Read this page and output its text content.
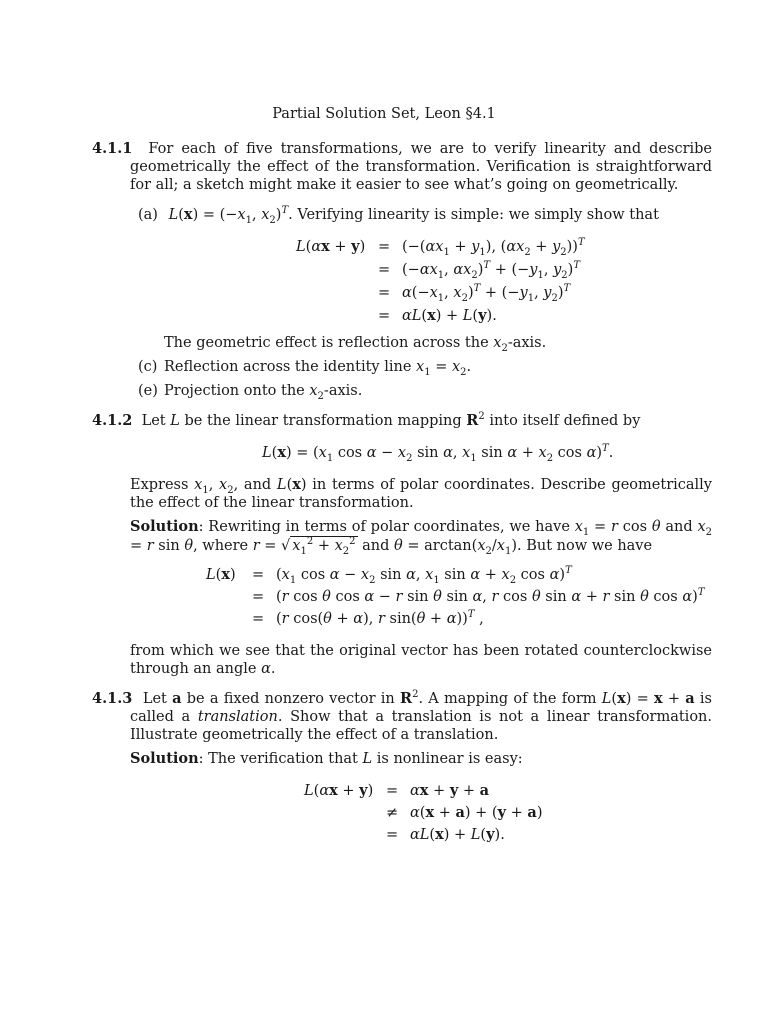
Partial Solution Set, Leon §4.1
4.1.1  For each of five transformations, we are to verify linearity and describe geometrically the effect of the transformation. Verification is straightforward for all; a sketch might make it easier to see what’s going on geometrically.
(a) $L(x) = (-x_1$, $x_2)^T$. Verifying linearity is simple: we simply show that
$L(\alpha x + y) = (-(\alpha x_1 + y_1)$, $(\alpha x_2 + y_2))^T$
= ($-\alpha x_1$, $\alpha x_2)^T + (-y_1$, $y_2)^T$
= $\alpha(-x_1$, $x_2)^T + (-y_1$, $y_2)^T$
= αL(x) + L(y).
The geometric effect is reflection across the $x_2$-axis.
(c) Reflection across the identity line $x_1 = x_2$.
(e) Projection onto the $x_2$-axis.
4.1.2  Let L be the linear transformation mapping $R^2$ into itself defined by
$L(x) = (x_1$ $\cos \alpha - x_2$ sin α, $x_1$ $\sin \alpha + x_2$ cos α)$^T$.
Express $x_1$, $x_2$, and L(x) in terms of polar coordinates. Describe geometrically the effect of the linear transformation.
Solution: Rewriting in terms of polar coordinates, we have $x_1 = r$ cos θ and $x_2 = r$ sin θ, where r = √ $x_1^2 + x_2^2$ and $\theta = \arctan(x_2/x_1)$. But now we have
$L(x) = (x_1$ $\cos \alpha - x_2$ sin α, $x_1$ $\sin \alpha + x_2$ cos α)$^T$
= (r cos θ cos α − r sin θ sin α, r cos θ sin α + r sin θ cos α)$^T$
= (r cos(θ + α), r sin(θ + α))$^T$ ,
from which we see that the original vector has been rotated counterclockwise through an angle α.
4.1.3  Let a be a fixed nonzero vector in $R^2$. A mapping of the form L(x) = x + a is called a translation. Show that a translation is not a linear transformation. Illustrate geometrically the effect of a translation.
Solution: The verification that L is nonlinear is easy:
L(αx + y) = αx + y + a
≠ α(x + a) + (y + a)
= αL(x) + L(y).
